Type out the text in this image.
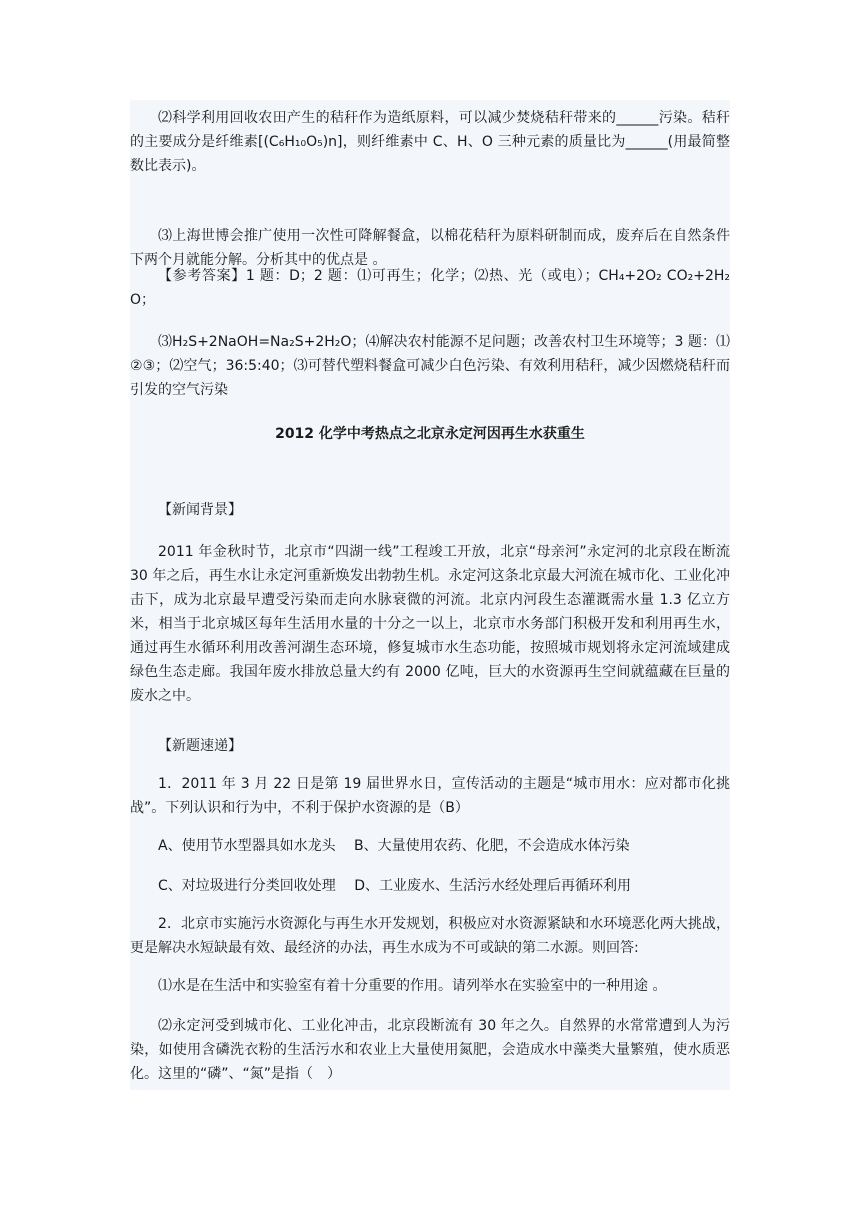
⑵科学利用回收农田产生的秸秆作为造纸原料，可以减少焚烧秸秆带来的______污染。秸秆的主要成分是纤维素[(C₆H₁₀O₅)n]，则纤维素中 C、H、O 三种元素的质量比为______(用最简整数比表示)。
⑶上海世博会推广使用一次性可降解餐盒，以棉花秸秆为原料研制而成，废弃后在自然条件下两个月就能分解。分析其中的优点是 。
【参考答案】1 题：D；2 题：⑴可再生；化学；⑵热、光（或电）；CH₄+2O₂ CO₂+2H₂O；
⑶H₂S+2NaOH=Na₂S+2H₂O；⑷解决农村能源不足问题；改善农村卫生环境等；3 题：⑴②③；⑵空气；36:5:40；⑶可替代塑料餐盒可减少白色污染、有效利用秸秆，减少因燃烧秸秆而引发的空气污染
2012 化学中考热点之北京永定河因再生水获重生
【新闻背景】
2011 年金秋时节，北京市“四湖一线”工程竣工开放，北京“母亲河”永定河的北京段在断流 30 年之后，再生水让永定河重新焕发出勃勃生机。永定河这条北京最大河流在城市化、工业化冲击下，成为北京最早遭受污染而走向水脉衰微的河流。北京内河段生态灌溉需水量 1.3 亿立方米，相当于北京城区每年生活用水量的十分之一以上，北京市水务部门积极开发和利用再生水，通过再生水循环利用改善河湖生态环境，修复城市水生态功能，按照城市规划将永定河流域建成绿色生态走廊。我国年废水排放总量大约有 2000 亿吨，巨大的水资源再生空间就蕴藏在巨量的废水之中。
【新题速递】
1．2011 年 3 月 22 日是第 19 届世界水日，宣传活动的主题是“城市用水：应对都市化挑战”。下列认识和行为中，不利于保护水资源的是（B）
A、使用节水型器具如水龙头　 B、大量使用农药、化肥，不会造成水体污染
C、对垃圾进行分类回收处理　 D、工业废水、生活污水经处理后再循环利用
2．北京市实施污水资源化与再生水开发规划，积极应对水资源紧缺和水环境恶化两大挑战，更是解决水短缺最有效、最经济的办法，再生水成为不可或缺的第二水源。则回答:
⑴水是在生活中和实验室有着十分重要的作用。请列举水在实验室中的一种用途 。
⑵永定河受到城市化、工业化冲击，北京段断流有 30 年之久。自然界的水常常遭到人为污染，如使用含磷洗衣粉的生活污水和农业上大量使用氮肥，会造成水中藻类大量繁殖，使水质恶化。这里的“磷”、“氮”是指（　）
